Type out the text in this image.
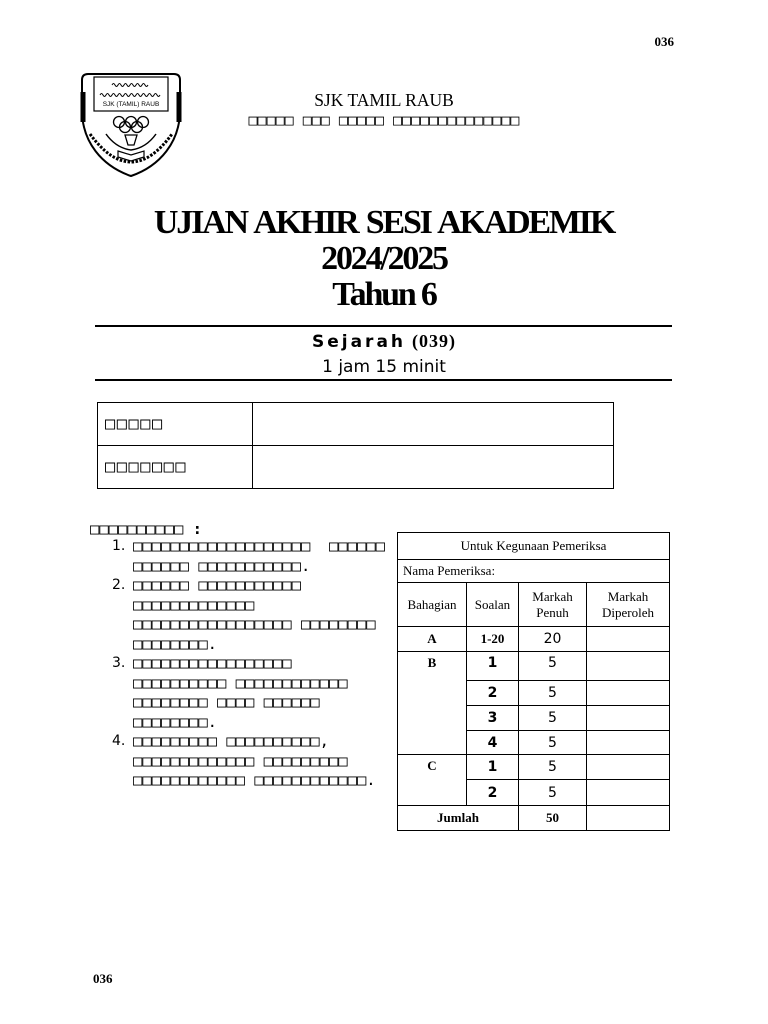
036
SJK (TAMIL) RAUB	SJK TAMIL RAUB
□□□□□ □□□ □□□□□ □□□□□□□□□□□□□□
UJIAN AKHIR SESI AKADEMIK
2024/2025
Tahun 6
Sejarah (039)
1 jam 15 minit
□□□□□	
□□□□□□□	
□□□□□□□□□□ :
1. □□□□□□□□□□□□□□□□□□□  □□□□□□
□□□□□□ □□□□□□□□□□□.
2. □□□□□□ □□□□□□□□□□□
□□□□□□□□□□□□□
□□□□□□□□□□□□□□□□□ □□□□□□□□
□□□□□□□□.
3. □□□□□□□□□□□□□□□□□
□□□□□□□□□□ □□□□□□□□□□□□
□□□□□□□□ □□□□ □□□□□□
□□□□□□□□.
4. □□□□□□□□□ □□□□□□□□□□,
□□□□□□□□□□□□□ □□□□□□□□□
□□□□□□□□□□□□ □□□□□□□□□□□□.
Untuk Kegunaan Pemeriksa			
Nama Pemeriksa:			
Bahagian	Soalan	Markah Penuh	Markah Diperoleh
A	1-20	20	
B	1	5	
	2	5	
	3	5	
	4	5	
C	1	5	
	2	5	
Jumlah		50	
036
